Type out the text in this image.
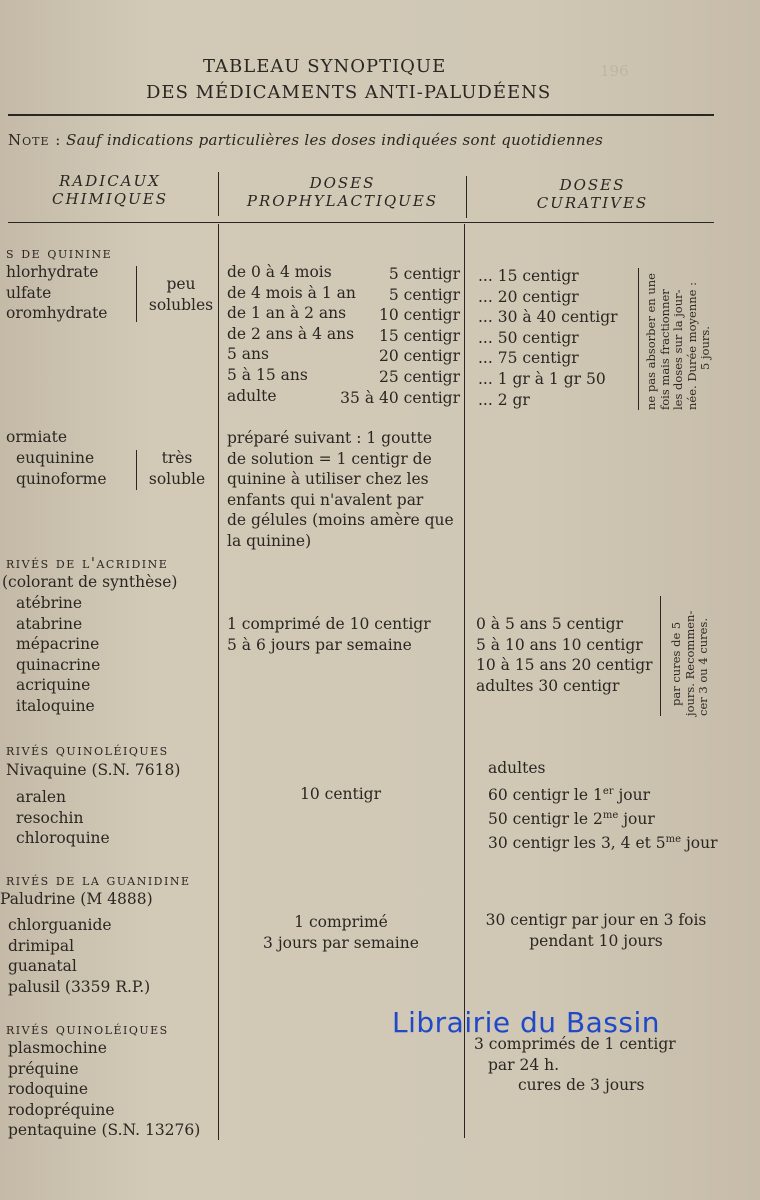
196
TABLEAU SYNOPTIQUE
DES MÉDICAMENTS ANTI-PALUDÉENS
Note : Sauf indications particulières les doses indiquées sont quotidiennes
RADICAUX
CHIMIQUES
DOSES
PROPHYLACTIQUES
DOSES
CURATIVES
s de quinine
hlorhydrate
ulfate
oromhydrate
peu
solubles
de 0 à 4 mois
de 4 mois à 1 an
de 1 an à 2 ans
de 2 ans à 4 ans
5 ans
5 à 15 ans
adulte
5 centigr
5 centigr
10 centigr
15 centigr
20 centigr
25 centigr
35 à 40 centigr
... 15 centigr
... 20 centigr
... 30 à 40 centigr
... 50 centigr
... 75 centigr
... 1 gr à 1 gr 50
... 2 gr	ne pas absorber en une fois mais fractionner les doses sur la jour- née. Durée moyenne : 5 jours.
ormiate
euquinine
quinoforme
très
soluble
préparé suivant : 1 goutte
de solution = 1 centigr de
quinine à utiliser chez les
enfants qui n'avalent par
de gélules (moins amère que
la quinine)
rivés de l'acridine
(colorant de synthèse)
atébrine
atabrine
mépacrine
quinacrine
acriquine
italoquine
1 comprimé de 10 centigr
5 à 6 jours par semaine
0 à 5 ans 5 centigr
5 à 10 ans 10 centigr
10 à 15 ans 20 centigr
adultes 30 centigr	par cures de 5 jours. Recommen- cer 3 ou 4 cures.
rivés quinoléiques
Nivaquine (S.N. 7618)
aralen
resochin
chloroquine
10 centigr
adultes
60 centigr le 1er jour
50 centigr le $2^{me}$ jour
30 centigr les 3, 4 et $5^{me}$ jour
rivés de la guanidine
Paludrine (M 4888)
chlorguanide
drimipal
guanatal
palusil (3359 R.P.)
1 comprimé
3 jours par semaine
30 centigr par jour en 3 fois
pendant 10 jours
rivés quinoléiques
plasmochine
préquine
rodoquine
rodopréquine
pentaquine (S.N. 13276)
3 comprimés de 1 centigr
par 24 h.
cures de 3 jours
Librairie du Bassin
